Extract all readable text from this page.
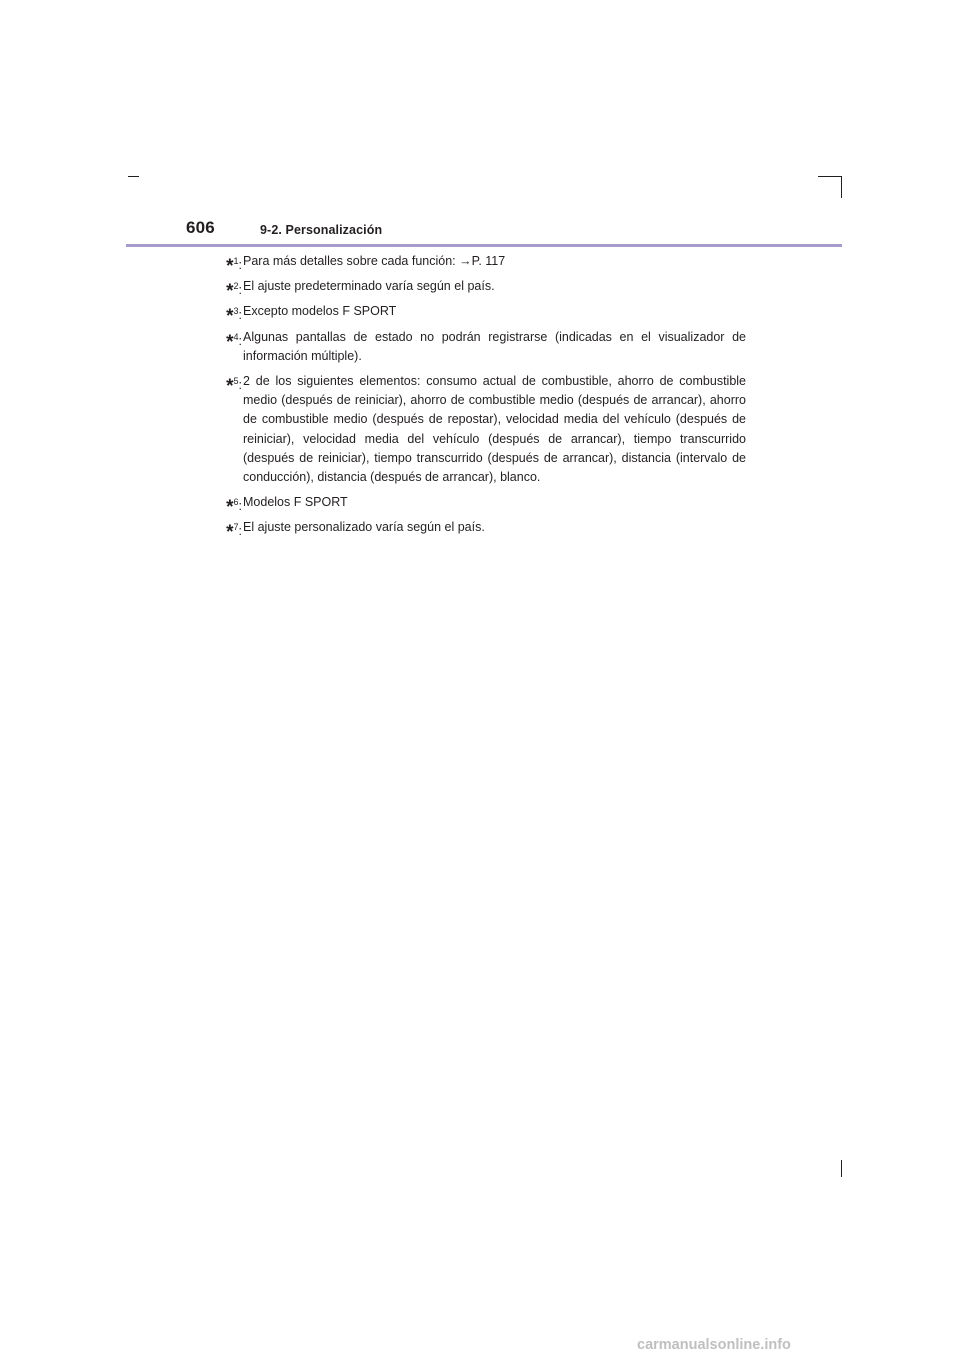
606	9-2. Personalización
*$^1$: Para más detalles sobre cada función: →P. 117
*$^2$: El ajuste predeterminado varía según el país.
*$^3$: Excepto modelos F SPORT
*$^4$: Algunas pantallas de estado no podrán registrarse (indicadas en el visualizador de información múltiple).
*$^5$: 2 de los siguientes elementos: consumo actual de combustible, ahorro de combustible medio (después de reiniciar), ahorro de combustible medio (después de arrancar), ahorro de combustible medio (después de repostar), velocidad media del vehículo (después de reiniciar), velocidad media del vehículo (después de arrancar), tiempo transcurrido (después de reiniciar), tiempo transcurrido (después de arrancar), distancia (intervalo de conducción), distancia (después de arrancar), blanco.
*$^6$: Modelos F SPORT
*$^7$: El ajuste personalizado varía según el país.
carmanualsonline.info
